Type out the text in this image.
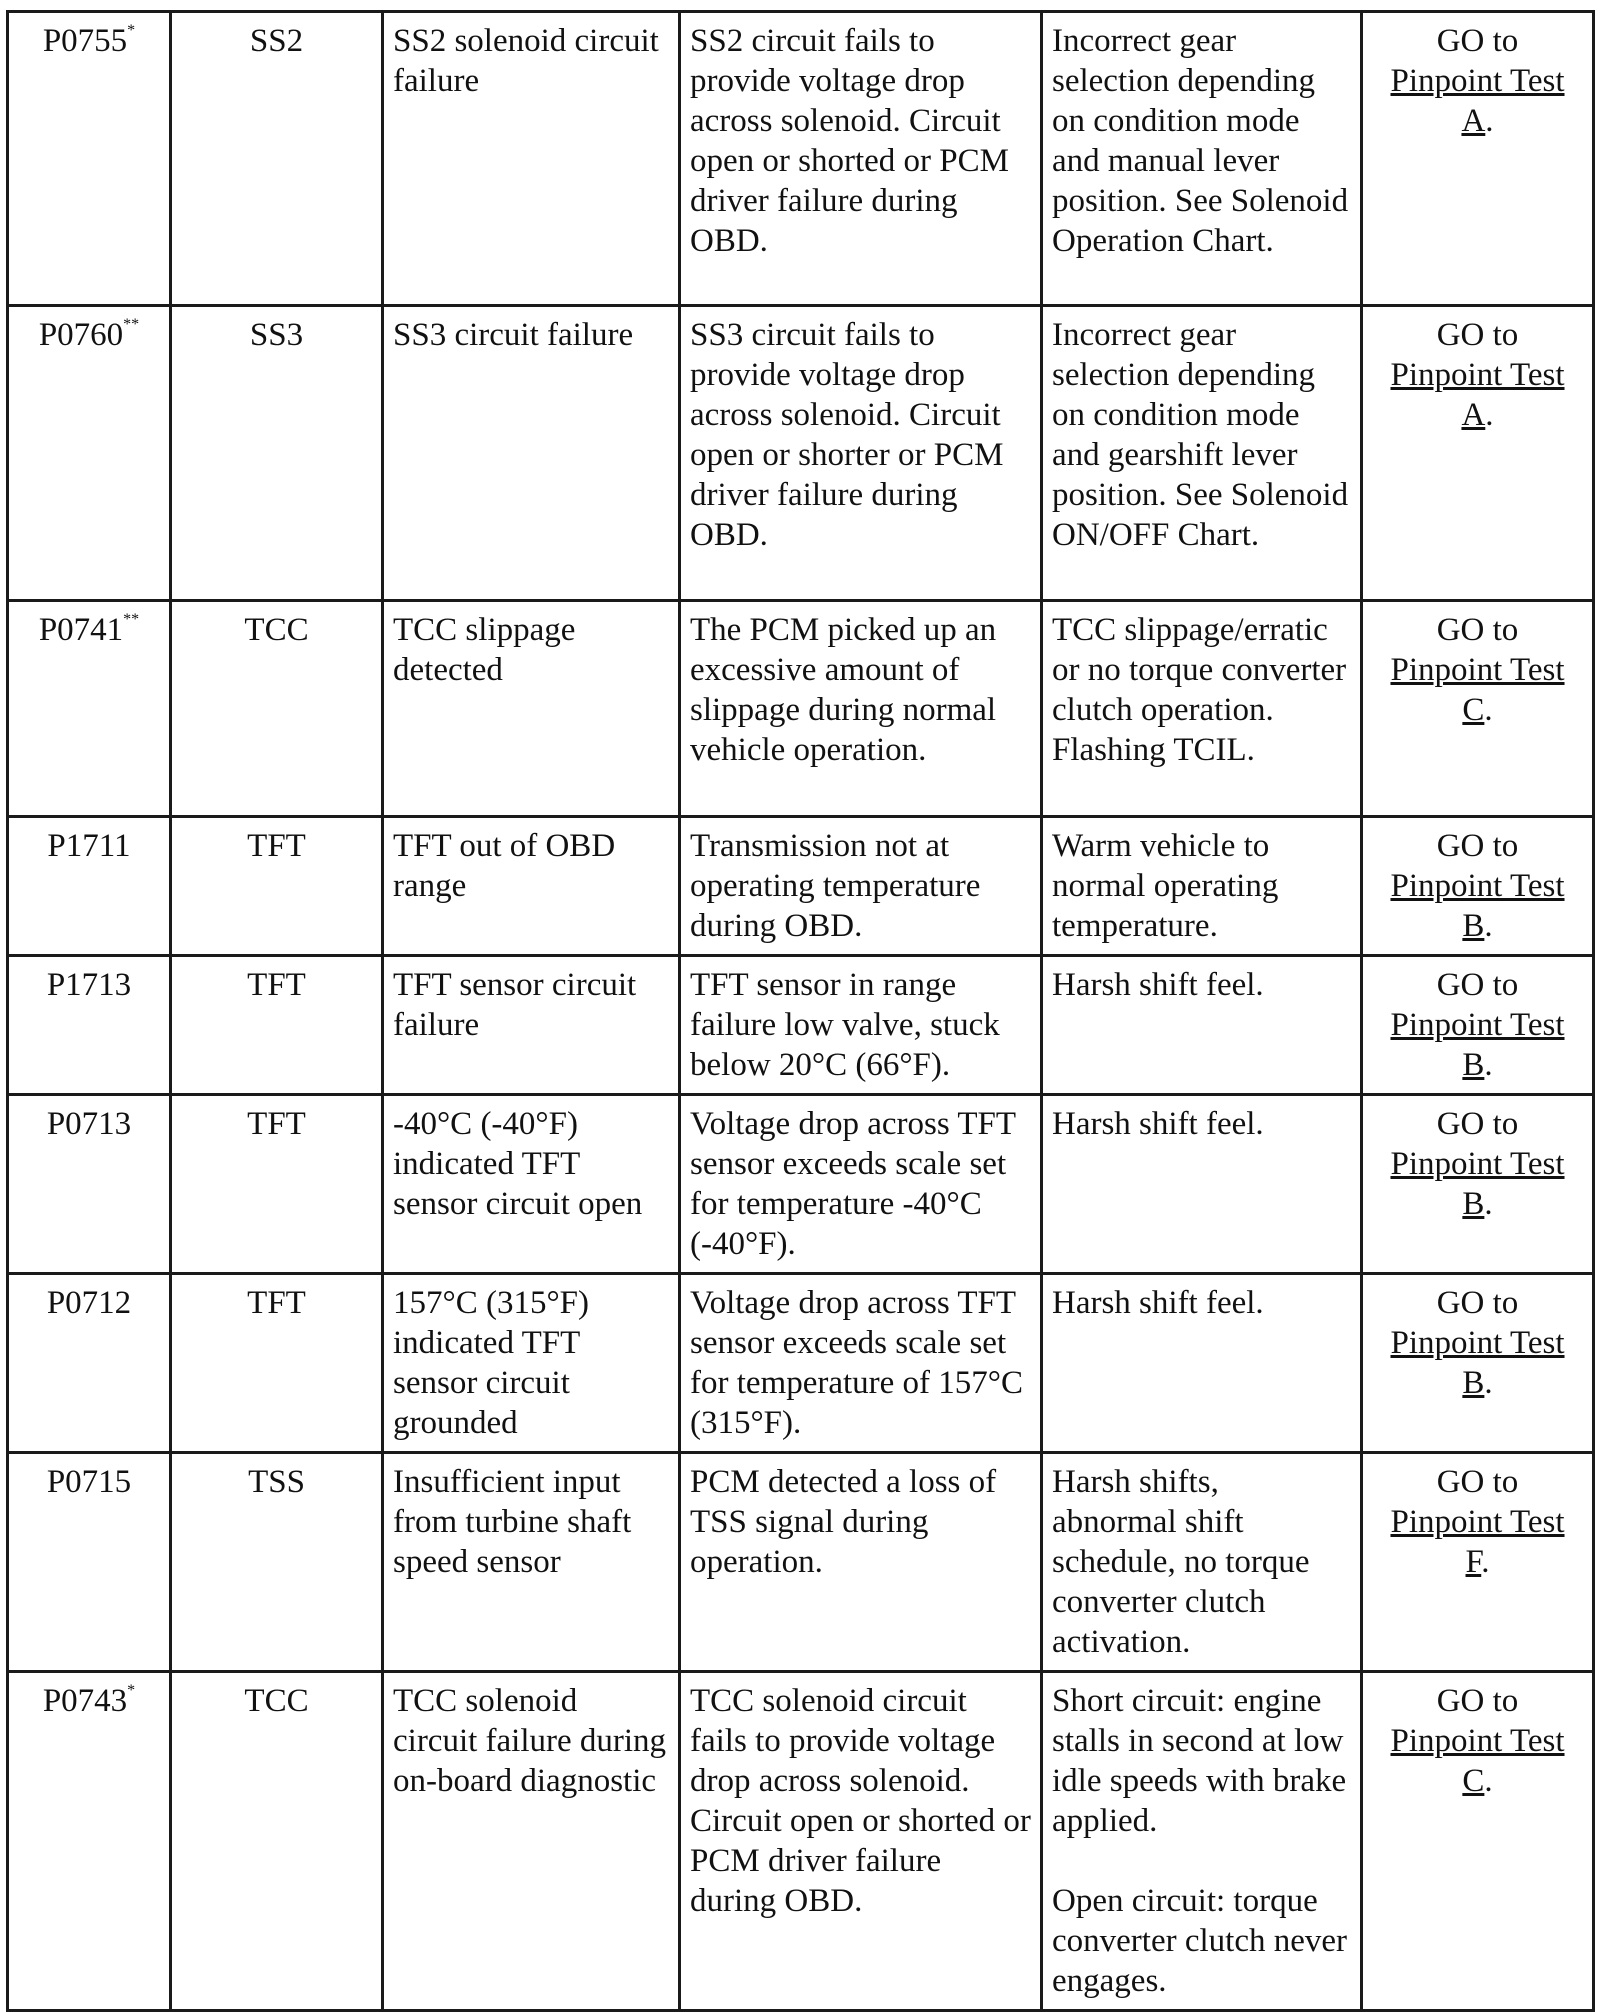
P0755*	SS2	SS2 solenoid circuit failure	SS2 circuit fails to provide voltage drop across solenoid. Circuit open or shorted or PCM driver failure during OBD.	Incorrect gear selection depending on condition mode and manual lever position. See Solenoid Operation Chart.	GO to
Pinpoint Test
A.
P0760**	SS3	SS3 circuit failure	SS3 circuit fails to provide voltage drop across solenoid. Circuit open or shorter or PCM driver failure during OBD.	Incorrect gear selection depending on condition mode and gearshift lever position. See Solenoid ON/OFF Chart.	GO to
Pinpoint Test
A.
P0741**	TCC	TCC slippage detected	The PCM picked up an excessive amount of slippage during normal vehicle operation.	TCC slippage/erratic or no torque converter clutch operation. Flashing TCIL.	GO to
Pinpoint Test
C.
P1711	TFT	TFT out of OBD range	Transmission not at operating temperature during OBD.	Warm vehicle to normal operating temperature.	GO to
Pinpoint Test
B.
P1713	TFT	TFT sensor circuit failure	TFT sensor in range failure low valve, stuck below 20°C (66°F).	Harsh shift feel.	GO to
Pinpoint Test
B.
P0713	TFT	-40°C (-40°F) indicated TFT sensor circuit open	Voltage drop across TFT sensor exceeds scale set for temperature -40°C (-40°F).	Harsh shift feel.	GO to
Pinpoint Test
B.
P0712	TFT	157°C (315°F) indicated TFT sensor circuit grounded	Voltage drop across TFT sensor exceeds scale set for temperature of 157°C (315°F).	Harsh shift feel.	GO to
Pinpoint Test
B.
P0715	TSS	Insufficient input from turbine shaft speed sensor	PCM detected a loss of TSS signal during operation.	Harsh shifts, abnormal shift schedule, no torque converter clutch activation.	GO to
Pinpoint Test
F.
P0743*	TCC	TCC solenoid circuit failure during on-board diagnostic	TCC solenoid circuit fails to provide voltage drop across solenoid. Circuit open or shorted or PCM driver failure during OBD.	Short circuit: engine stalls in second at low idle speeds with brake applied.
Open circuit: torque converter clutch never engages.	GO to
Pinpoint Test
C.
